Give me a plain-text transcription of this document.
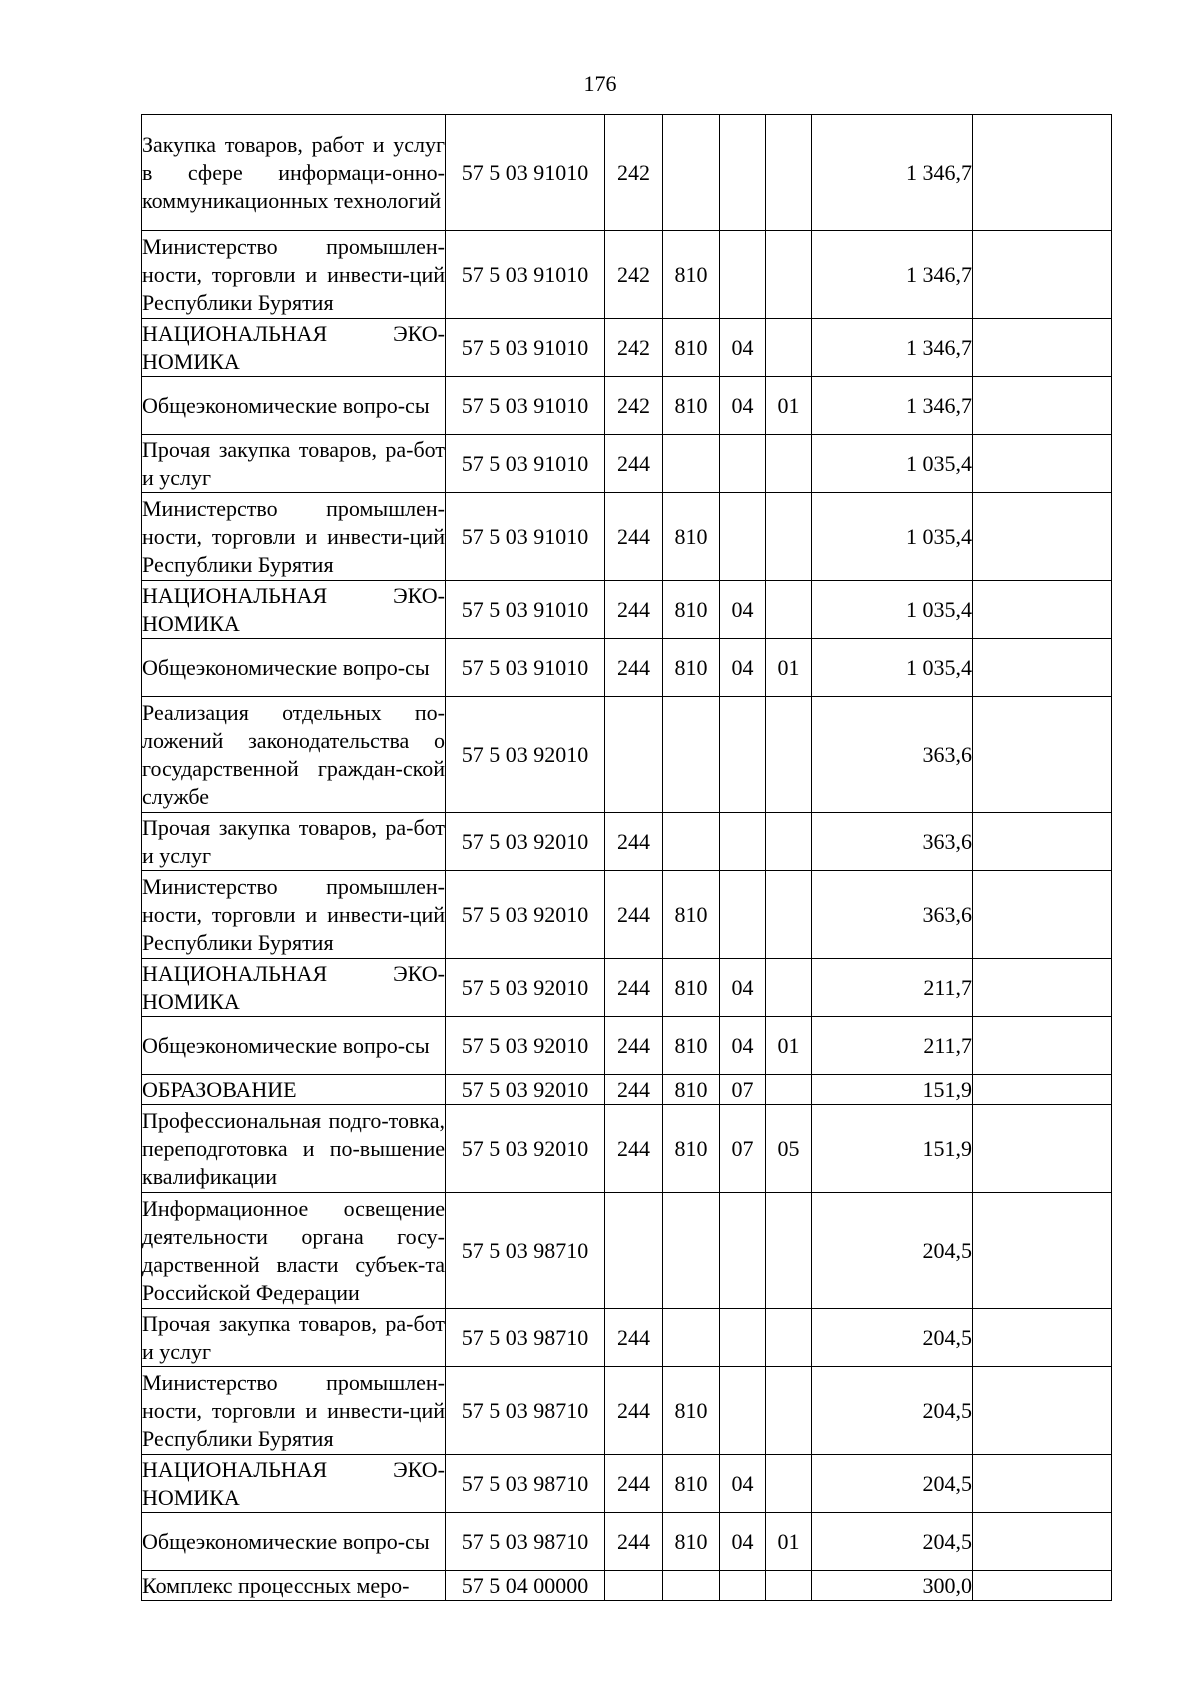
176
Закупка товаров, работ и услуг в сфере информаци-онно-коммуникационных технологий	57 5 03 91010	242				1 346,7	
Министерство промышлен-ности, торговли и инвести-ций Республики Бурятия	57 5 03 91010	242	810			1 346,7	
НАЦИОНАЛЬНАЯ ЭКО-НОМИКА	57 5 03 91010	242	810	04		1 346,7	
Общеэкономические вопро-сы	57 5 03 91010	242	810	04	01	1 346,7	
Прочая закупка товаров, ра-бот и услуг	57 5 03 91010	244				1 035,4	
Министерство промышлен-ности, торговли и инвести-ций Республики Бурятия	57 5 03 91010	244	810			1 035,4	
НАЦИОНАЛЬНАЯ ЭКО-НОМИКА	57 5 03 91010	244	810	04		1 035,4	
Общеэкономические вопро-сы	57 5 03 91010	244	810	04	01	1 035,4	
Реализация отдельных по-ложений законодательства о государственной граждан-ской службе	57 5 03 92010					363,6	
Прочая закупка товаров, ра-бот и услуг	57 5 03 92010	244				363,6	
Министерство промышлен-ности, торговли и инвести-ций Республики Бурятия	57 5 03 92010	244	810			363,6	
НАЦИОНАЛЬНАЯ ЭКО-НОМИКА	57 5 03 92010	244	810	04		211,7	
Общеэкономические вопро-сы	57 5 03 92010	244	810	04	01	211,7	
ОБРАЗОВАНИЕ	57 5 03 92010	244	810	07		151,9	
Профессиональная подго-товка, переподготовка и по-вышение квалификации	57 5 03 92010	244	810	07	05	151,9	
Информационное освещение деятельности органа госу-дарственной власти субъек-та Российской Федерации	57 5 03 98710					204,5	
Прочая закупка товаров, ра-бот и услуг	57 5 03 98710	244				204,5	
Министерство промышлен-ности, торговли и инвести-ций Республики Бурятия	57 5 03 98710	244	810			204,5	
НАЦИОНАЛЬНАЯ ЭКО-НОМИКА	57 5 03 98710	244	810	04		204,5	
Общеэкономические вопро-сы	57 5 03 98710	244	810	04	01	204,5	
Комплекс процессных меро-	57 5 04 00000					300,0	
